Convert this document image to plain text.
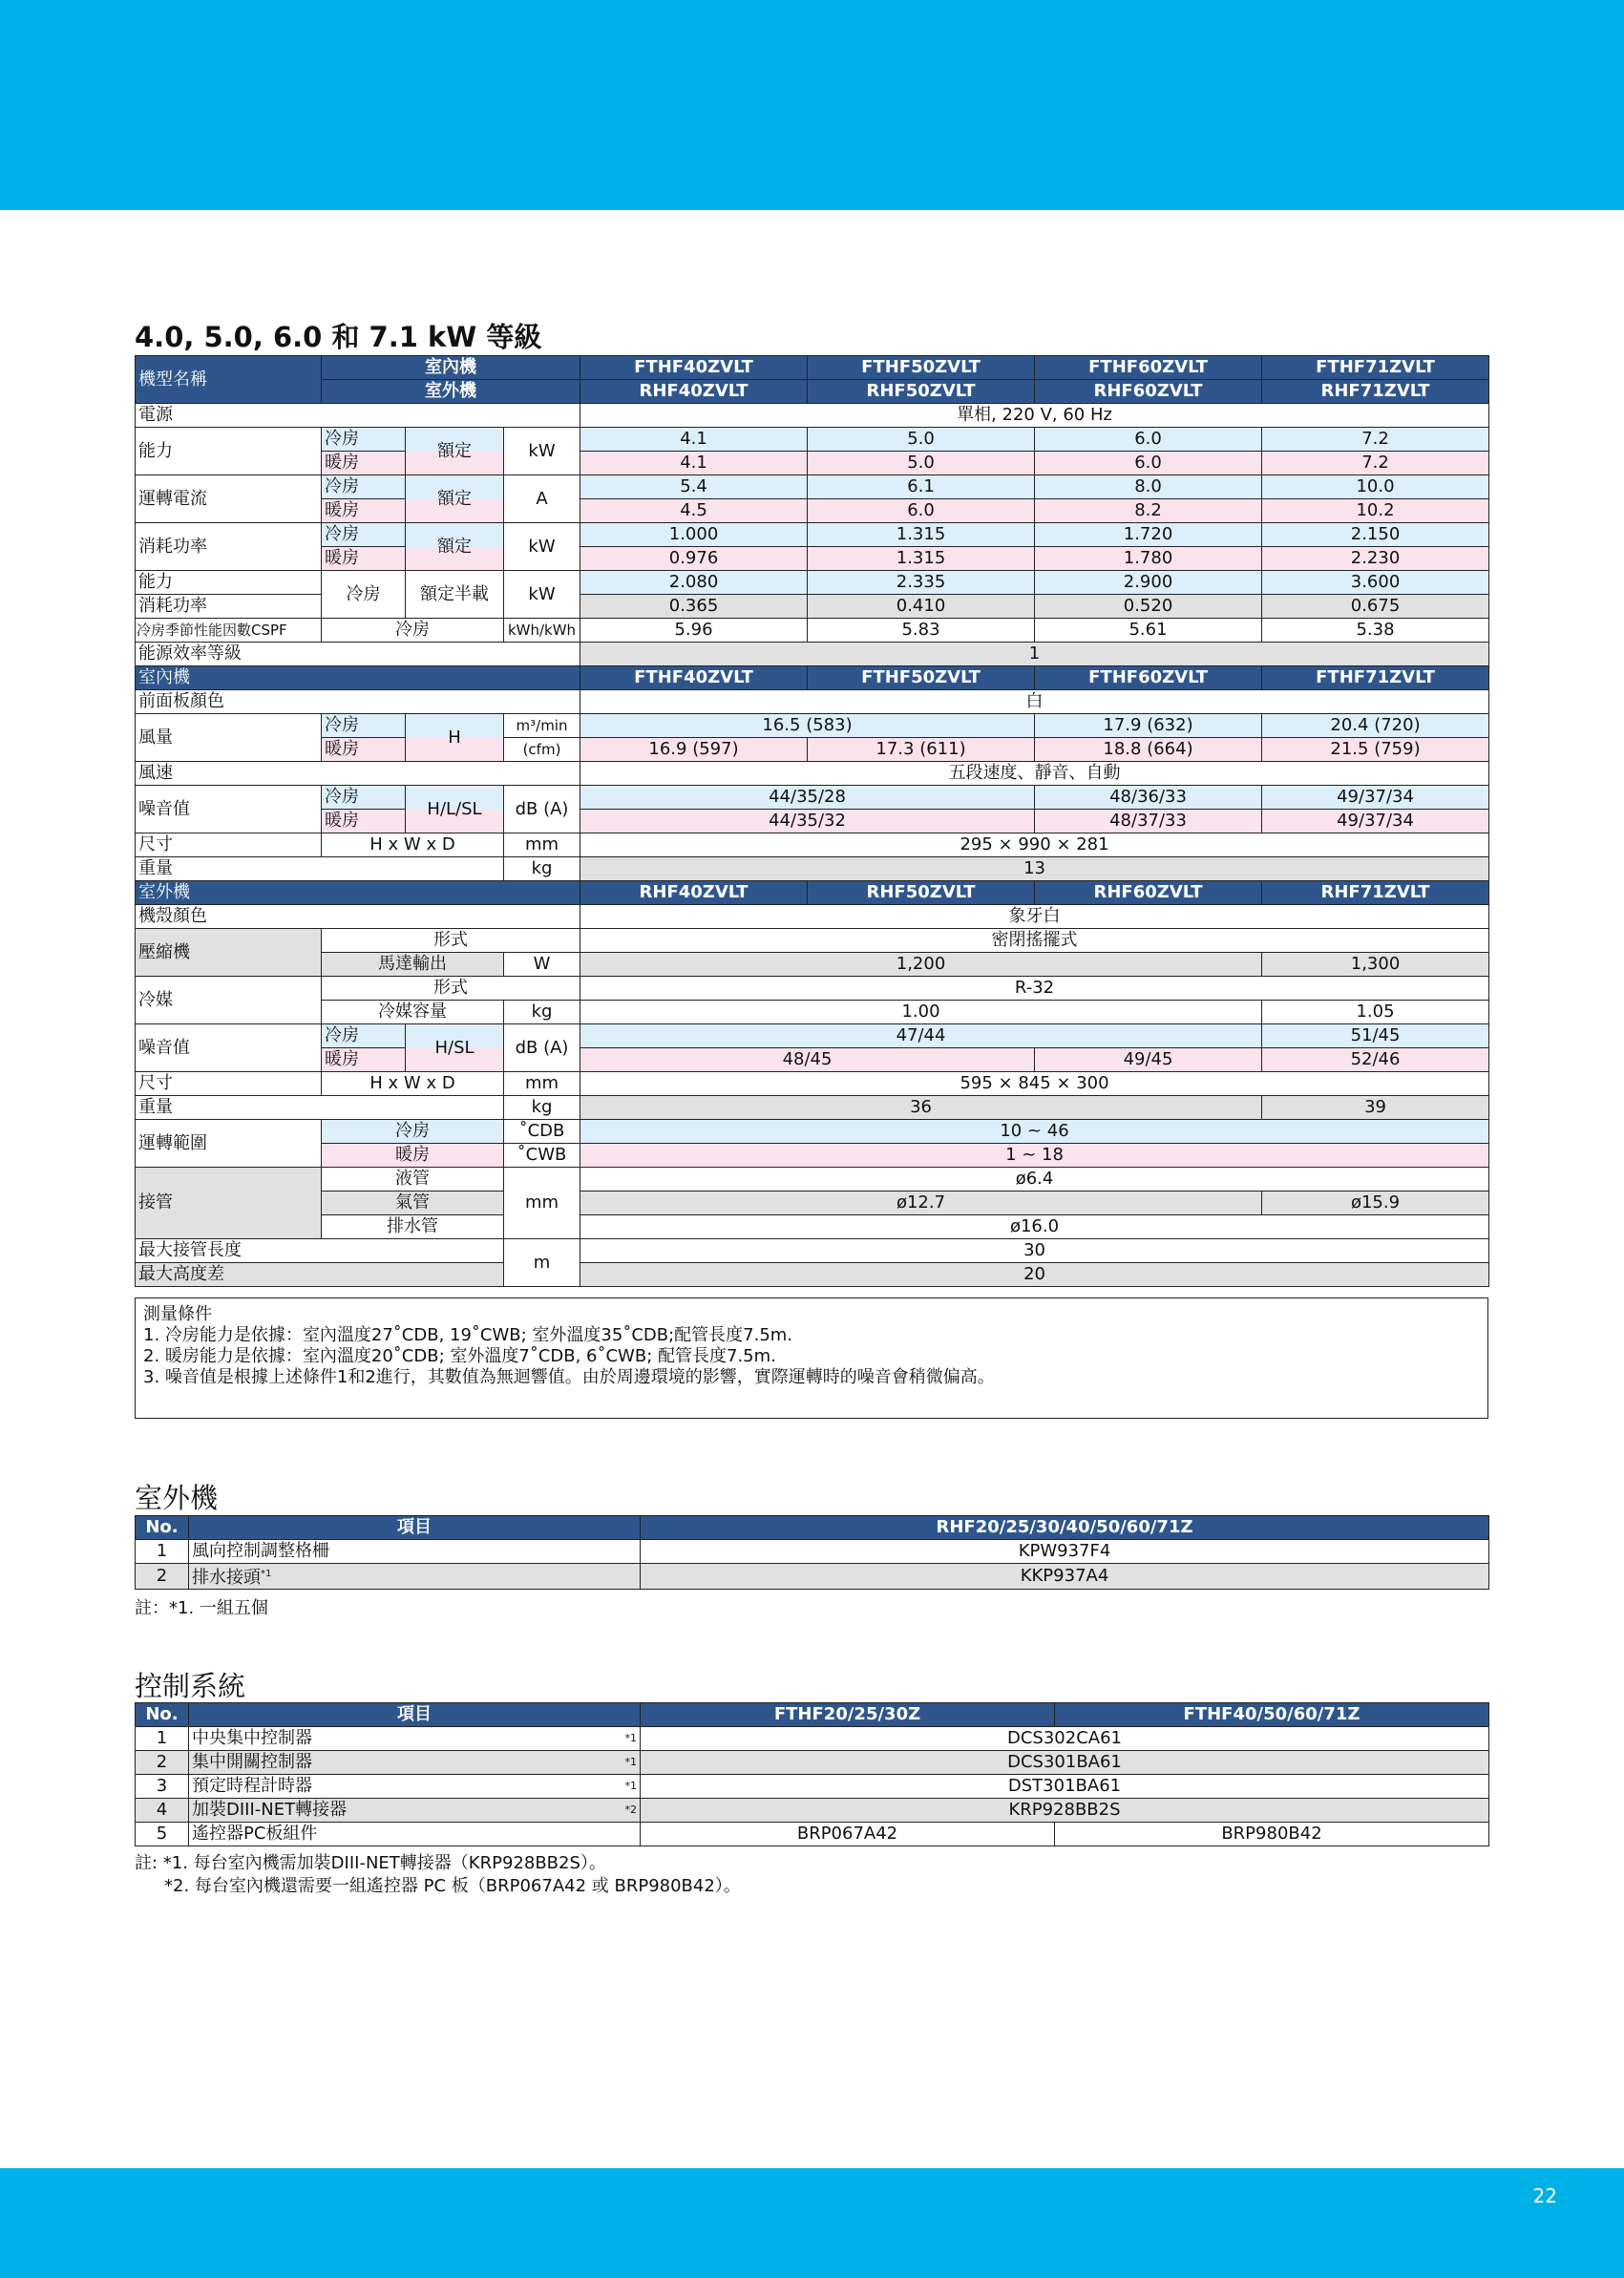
4.0, 5.0, 6.0 和 7.1 kW 等級
機型名稱	室內機			FTHF40ZVLT	FTHF50ZVLT	FTHF60ZVLT	FTHF71ZVLT
	室外機			RHF40ZVLT	RHF50ZVLT	RHF60ZVLT	RHF71ZVLT
電源				單相, 220 V, 60 Hz			
能力	冷房	額定	kW	4.1	5.0	6.0	7.2
	暖房			4.1	5.0	6.0	7.2
運轉電流	冷房	額定	A	5.4	6.1	8.0	10.0
	暖房			4.5	6.0	8.2	10.2
消耗功率	冷房	額定	kW	1.000	1.315	1.720	2.150
	暖房			0.976	1.315	1.780	2.230
能力	冷房	額定半載	kW	2.080	2.335	2.900	3.600
消耗功率				0.365	0.410	0.520	0.675
冷房季節性能因數CSPF	冷房		kWh/kWh	5.96	5.83	5.61	5.38
能源效率等級				1			
室內機				FTHF40ZVLT	FTHF50ZVLT	FTHF60ZVLT	FTHF71ZVLT
前面板顏色				白			
風量	冷房	H	m³/min	16.5 (583)		17.9 (632)	20.4 (720)
	暖房		(cfm)	16.9 (597)	17.3 (611)	18.8 (664)	21.5 (759)
風速				五段速度、靜音、自動			
噪音值	冷房	H/L/SL	dB (A)	44/35/28		48/36/33	49/37/34
	暖房			44/35/32		48/37/33	49/37/34
尺寸	H x W x D		mm	295 × 990 × 281			
重量			kg	13			
室外機				RHF40ZVLT	RHF50ZVLT	RHF60ZVLT	RHF71ZVLT
機殼顏色				象牙白			
壓縮機	形式			密閉搖擺式			
	馬達輸出		W	1,200			1,300
冷媒	形式			R-32			
	冷媒容量		kg	1.00			1.05
噪音值	冷房	H/SL	dB (A)	47/44			51/45
	暖房			48/45		49/45	52/46
尺寸	H x W x D		mm	595 × 845 × 300			
重量			kg	36			39
運轉範圍	冷房		˚CDB	10 ~ 46			
	暖房		˚CWB	1 ~ 18			
接管	液管		mm	ø6.4			
	氣管			ø12.7			ø15.9
	排水管			ø16.0			
最大接管長度			m	30			
最大高度差				20			
測量條件
1. 冷房能力是依據：室內溫度27˚CDB, 19˚CWB; 室外溫度35˚CDB;配管長度7.5m.
2. 暖房能力是依據：室內溫度20˚CDB; 室外溫度7˚CDB, 6˚CWB; 配管長度7.5m.
3. 噪音值是根據上述條件1和2進行，其數值為無迴響值。由於周邊環境的影響，實際運轉時的噪音會稍微偏高。
室外機
No.	項目	RHF20/25/30/40/50/60/71Z
1	風向控制調整格柵	KPW937F4
2	排水接頭$^{*1}$	KKP937A4
註：*1. 一組五個
控制系統
No.	項目	FTHF20/25/30Z	FTHF40/50/60/71Z
1	中央集中控制器 *1	DCS302CA61	
2	集中開關控制器 *1	DCS301BA61	
3	預定時程計時器 *1	DST301BA61	
4	加裝DIII-NET轉接器 *2	KRP928BB2S	
5	遙控器PC板組件	BRP067A42	BRP980B42
註: *1. 每台室內機需加裝DIII-NET轉接器（KRP928BB2S）。
*2. 每台室內機還需要一組遙控器 PC 板（BRP067A42 或 BRP980B42）。
22
